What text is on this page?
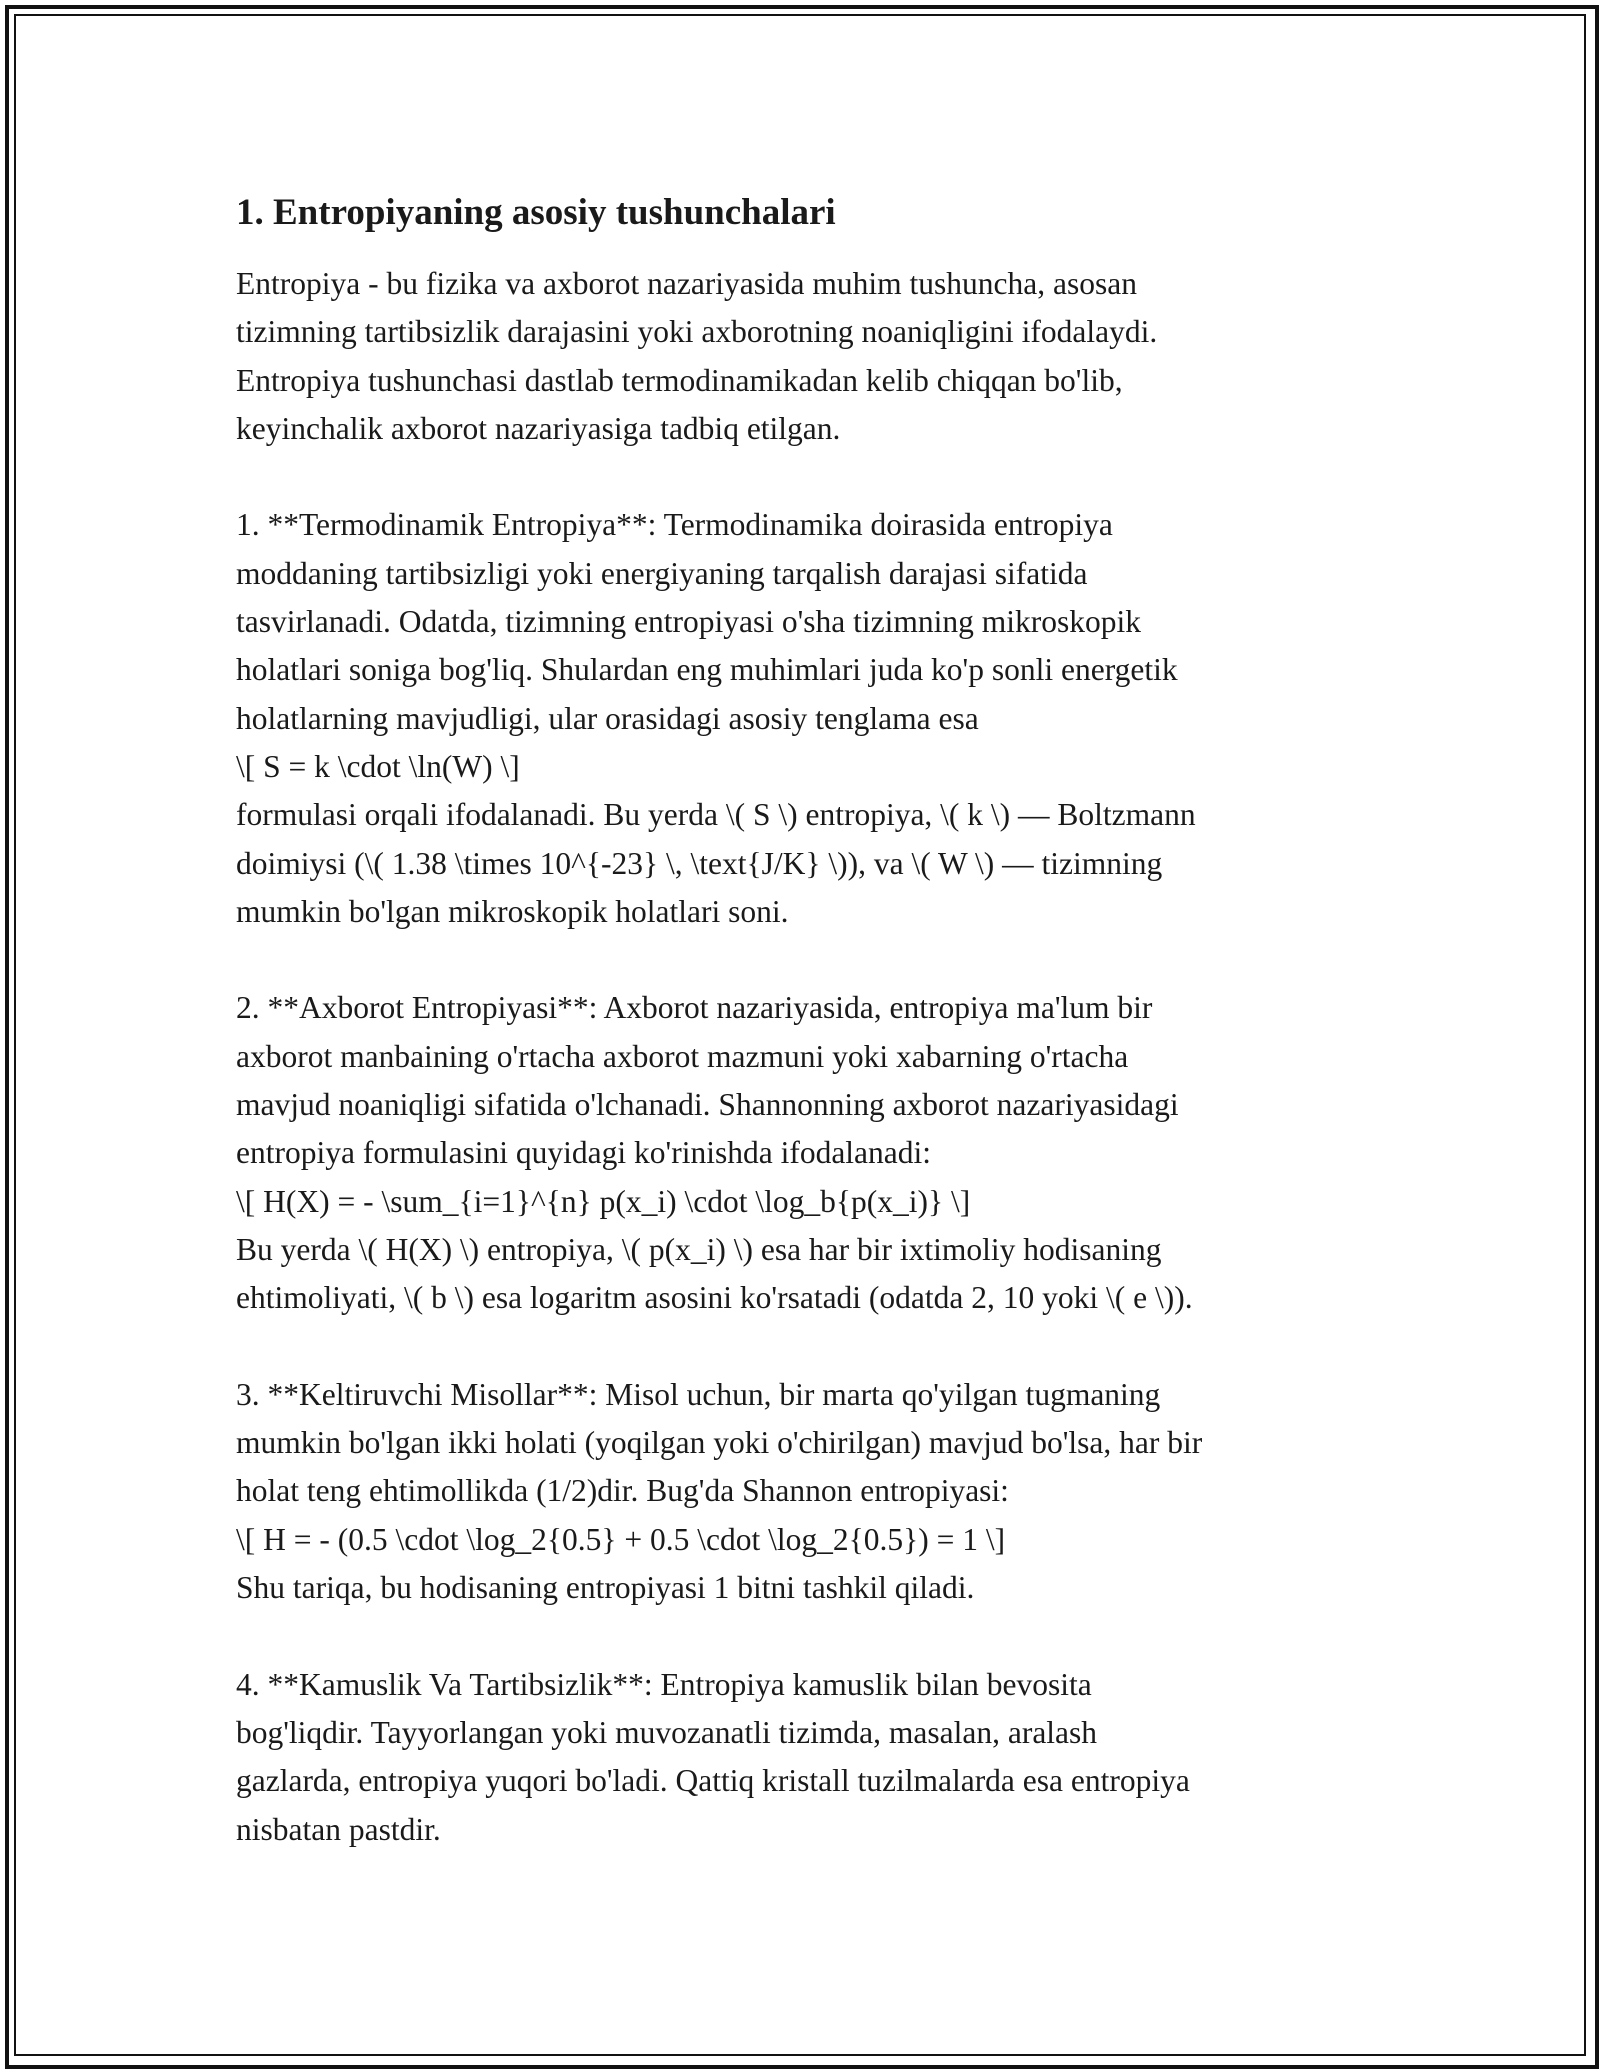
1. Entropiyaning asosiy tushunchalari
Entropiya - bu fizika va axborot nazariyasida muhim tushuncha, asosan
tizimning tartibsizlik darajasini yoki axborotning noaniqligini ifodalaydi.
Entropiya tushunchasi dastlab termodinamikadan kelib chiqqan bo'lib,
keyinchalik axborot nazariyasiga tadbiq etilgan.
1. **Termodinamik Entropiya**: Termodinamika doirasida entropiya
moddaning tartibsizligi yoki energiyaning tarqalish darajasi sifatida
tasvirlanadi. Odatda, tizimning entropiyasi o'sha tizimning mikroskopik
holatlari soniga bog'liq. Shulardan eng muhimlari juda ko'p sonli energetik
holatlarning mavjudligi, ular orasidagi asosiy tenglama esa
\[ S = k \cdot \ln(W) \]
formulasi orqali ifodalanadi. Bu yerda \( S \) entropiya, \( k \) — Boltzmann
doimiysi (\( 1.38 \times 10^{-23} \, \text{J/K} \)), va \( W \) — tizimning
mumkin bo'lgan mikroskopik holatlari soni.
2. **Axborot Entropiyasi**: Axborot nazariyasida, entropiya ma'lum bir
axborot manbaining o'rtacha axborot mazmuni yoki xabarning o'rtacha
mavjud noaniqligi sifatida o'lchanadi. Shannonning axborot nazariyasidagi
entropiya formulasini quyidagi ko'rinishda ifodalanadi:
\[ H(X) = - \sum_{i=1}^{n} p(x_i) \cdot \log_b{p(x_i)} \]
Bu yerda \( H(X) \) entropiya, \( p(x_i) \) esa har bir ixtimoliy hodisaning
ehtimoliyati, \( b \) esa logaritm asosini ko'rsatadi (odatda 2, 10 yoki \( e \)).
3. **Keltiruvchi Misollar**: Misol uchun, bir marta qo'yilgan tugmaning
mumkin bo'lgan ikki holati (yoqilgan yoki o'chirilgan) mavjud bo'lsa, har bir
holat teng ehtimollikda (1/2)dir. Bug'da Shannon entropiyasi:
\[ H = - (0.5 \cdot \log_2{0.5} + 0.5 \cdot \log_2{0.5}) = 1 \]
Shu tariqa, bu hodisaning entropiyasi 1 bitni tashkil qiladi.
4. **Kamuslik Va Tartibsizlik**: Entropiya kamuslik bilan bevosita
bog'liqdir. Tayyorlangan yoki muvozanatli tizimda, masalan, aralash
gazlarda, entropiya yuqori bo'ladi. Qattiq kristall tuzilmalarda esa entropiya
nisbatan pastdir.
